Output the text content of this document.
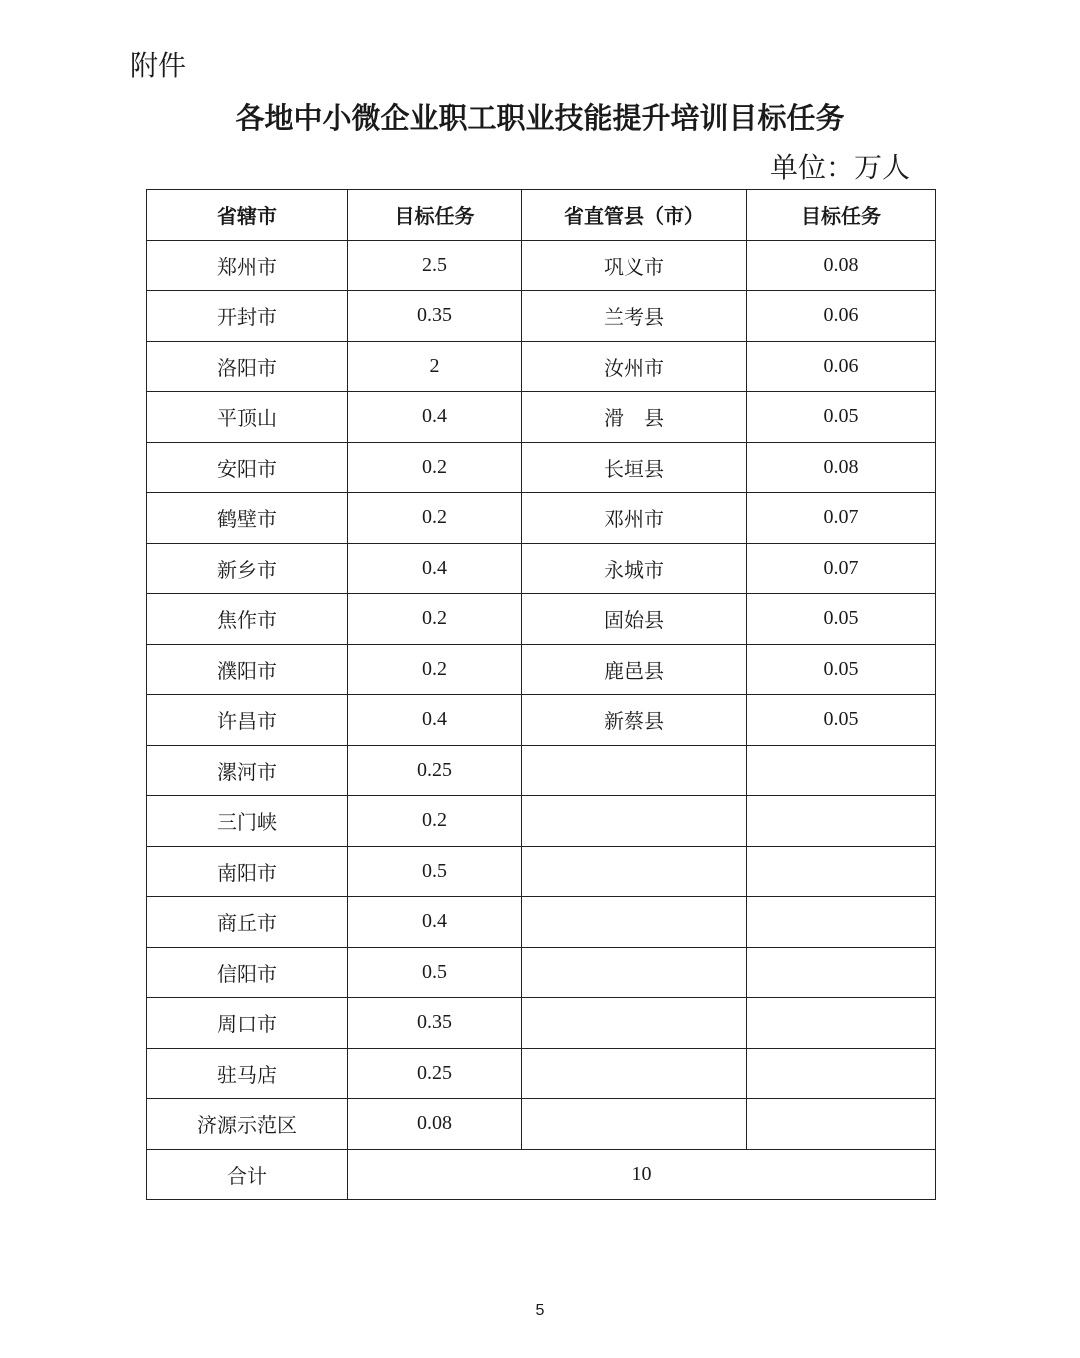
附件
各地中小微企业职工职业技能提升培训目标任务
单位：万人
省辖市	目标任务	省直管县（市）	目标任务
郑州市	2.5	巩义市	0.08
开封市	0.35	兰考县	0.06
洛阳市	2	汝州市	0.06
平顶山	0.4	滑　县	0.05
安阳市	0.2	长垣县	0.08
鹤壁市	0.2	邓州市	0.07
新乡市	0.4	永城市	0.07
焦作市	0.2	固始县	0.05
濮阳市	0.2	鹿邑县	0.05
许昌市	0.4	新蔡县	0.05
漯河市	0.25		
三门峡	0.2		
南阳市	0.5		
商丘市	0.4		
信阳市	0.5		
周口市	0.35		
驻马店	0.25		
济源示范区	0.08		
合计	10		
5
